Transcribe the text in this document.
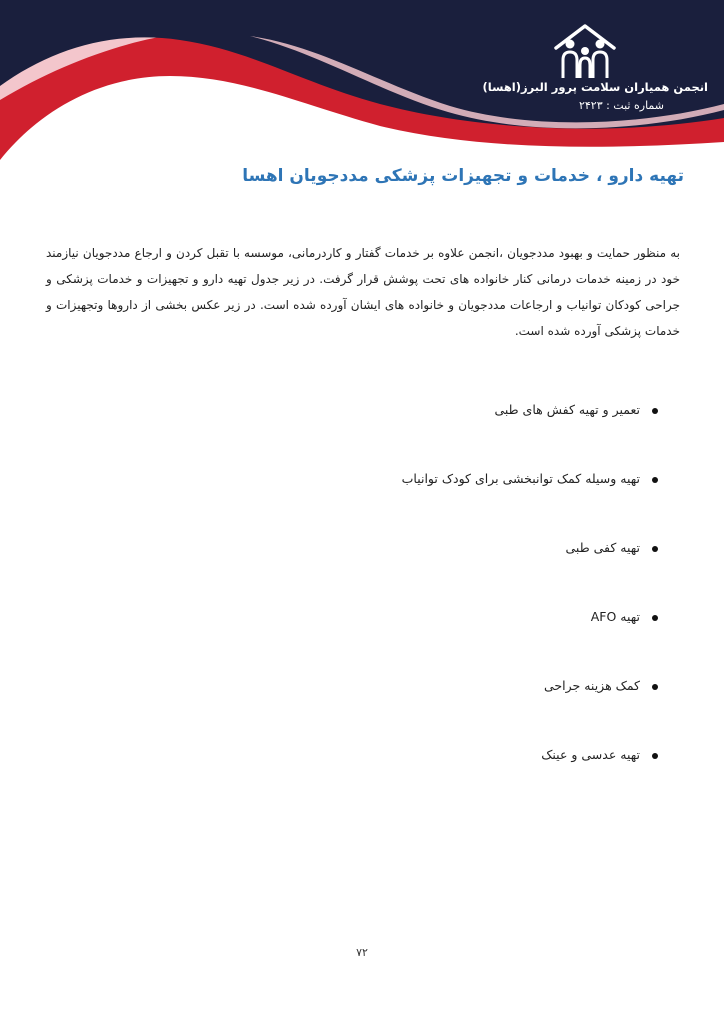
انجمن همیاران سلامت پرور البرز(اهسا)
شماره ثبت : ۲۴۲۳
تهیه دارو ، خدمات و تجهیزات پزشکی مددجویان اهسا

به منظور حمایت و بهبود مددجویان ،انجمن علاوه بر خدمات گفتار و کاردرمانی، موسسه با تقبل کردن و ارجاع مددجویان نیازمند خود در زمینه خدمات درمانی کنار خانواده های تحت پوشش قرار گرفت. در زیر جدول تهیه دارو و تجهیزات و خدمات پزشکی و جراحی کودکان توانیاب و ارجاعات مددجویان و خانواده های ایشان آورده شده است. در زیر عکس بخشی از داروها وتجهیزات و خدمات پزشکی آورده شده است.

تعمیر و تهیه کفش های طبی
تهیه وسیله کمک توانبخشی برای کودک توانیاب
تهیه کفی طبی
تهیه AFO
کمک هزینه جراحی
تهیه عدسی و عینک
۷۲
